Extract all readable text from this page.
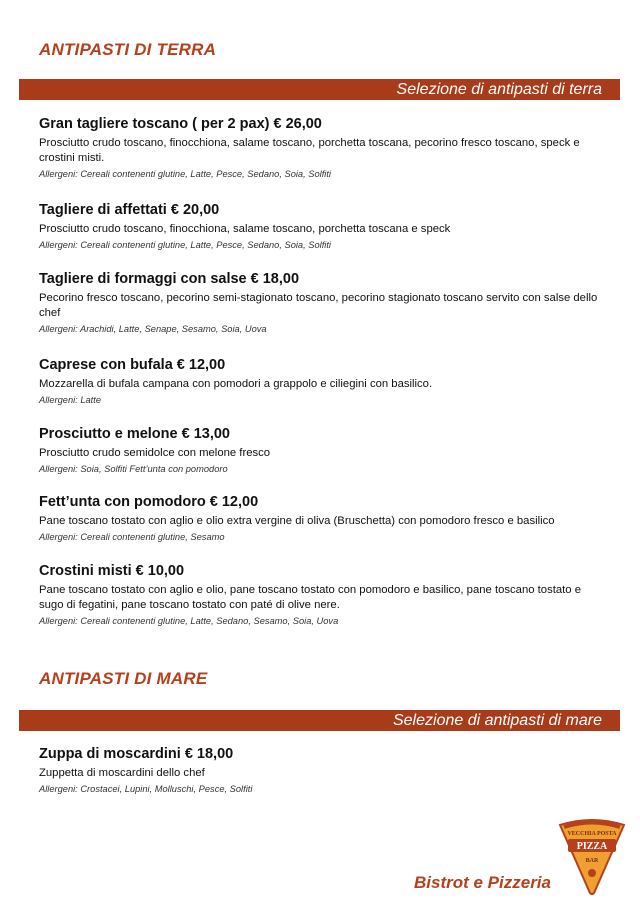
ANTIPASTI DI TERRA
Selezione di antipasti di terra
Gran tagliere toscano ( per 2 pax) € 26,00
Prosciutto crudo toscano, finocchiona, salame toscano, porchetta toscana, pecorino fresco toscano, speck e crostini misti.
Allergeni: Cereali contenenti glutine, Latte, Pesce, Sedano, Soia, Solfiti
Tagliere di affettati € 20,00
Prosciutto crudo toscano, finocchiona, salame toscano, porchetta toscana e speck
Allergeni: Cereali contenenti glutine, Latte, Pesce, Sedano, Soia, Solfiti
Tagliere di formaggi con salse € 18,00
Pecorino fresco toscano, pecorino semi-stagionato toscano, pecorino stagionato toscano servito con salse dello chef
Allergeni: Arachidi, Latte, Senape, Sesamo, Soia, Uova
Caprese con bufala € 12,00
Mozzarella di bufala campana con pomodori a grappolo e ciliegini con basilico.
Allergeni: Latte
Prosciutto e melone € 13,00
Prosciutto crudo semidolce con melone fresco
Allergeni: Soia, Solfiti Fett’unta con pomodoro
Fett’unta con pomodoro € 12,00
Pane toscano tostato con aglio e olio extra vergine di oliva (Bruschetta) con pomodoro fresco e basilico
Allergeni: Cereali contenenti glutine, Sesamo
Crostini misti € 10,00
Pane toscano tostato con aglio e olio, pane toscano tostato con pomodoro e basilico, pane toscano tostato e sugo di fegatini, pane toscano tostato con paté di olive nere.
Allergeni: Cereali contenenti glutine, Latte, Sedano, Sesamo, Soia, Uova
ANTIPASTI DI MARE
Selezione di antipasti di mare
Zuppa di moscardini € 18,00
Zuppetta di moscardini dello chef
Allergeni: Crostacei, Lupini, Molluschi, Pesce, Solfiti
Bistrot e Pizzeria
VECCHIA POSTA
PIZZA
BAR
